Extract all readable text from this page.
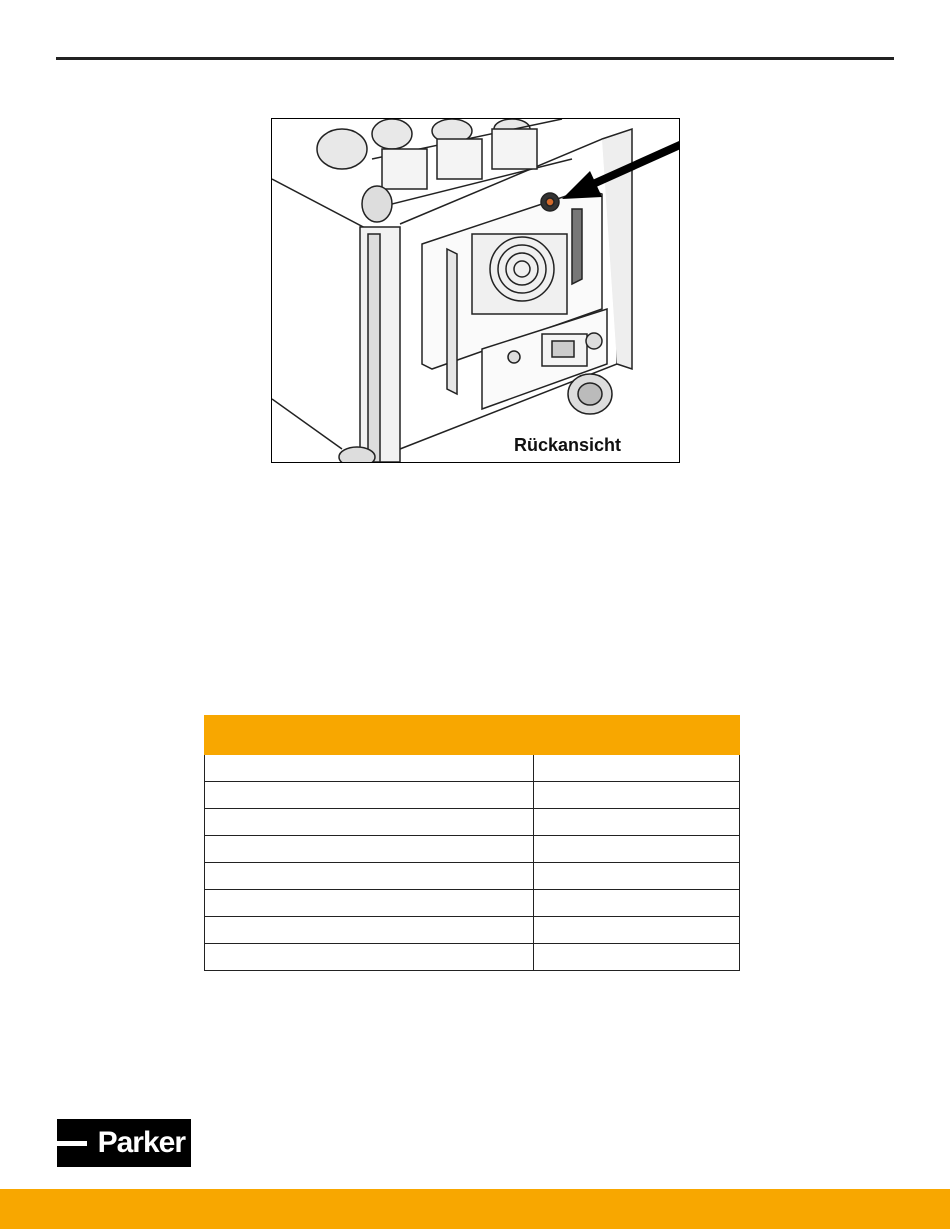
Rückansicht

Parker
